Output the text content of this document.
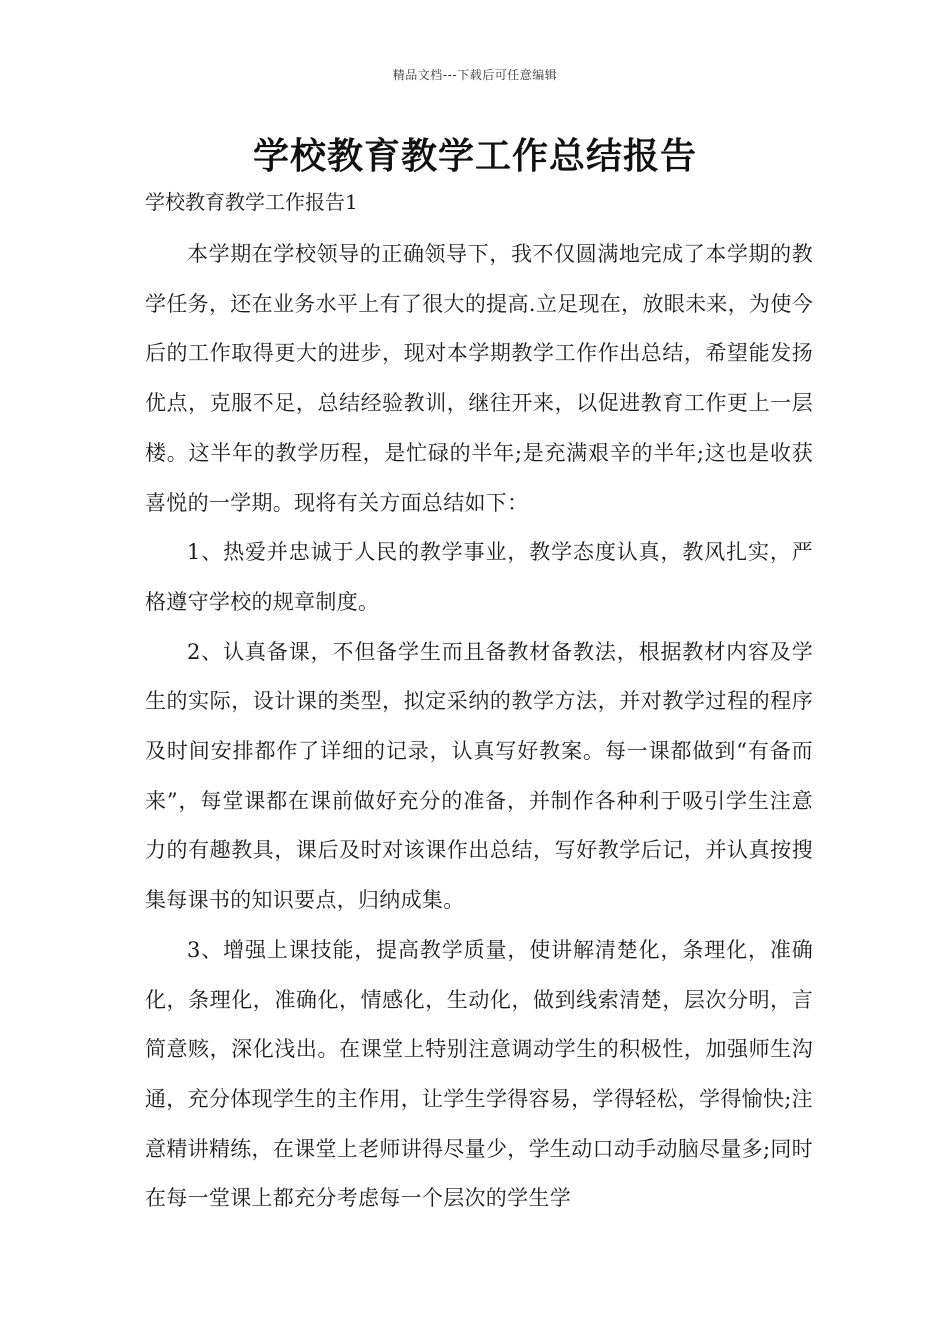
精品文档---下载后可任意编辑
学校教育教学工作总结报告

学校教育教学工作报告1

本学期在学校领导的正确领导下，我不仅圆满地完成了本学期的教学任务，还在业务水平上有了很大的提高.立足现在，放眼未来，为使今后的工作取得更大的进步，现对本学期教学工作作出总结，希望能发扬优点，克服不足，总结经验教训，继往开来，以促进教育工作更上一层楼。这半年的教学历程，是忙碌的半年;是充满艰辛的半年;这也是收获喜悦的一学期。现将有关方面总结如下：

1、热爱并忠诚于人民的教学事业，教学态度认真，教风扎实，严格遵守学校的规章制度。

2、认真备课，不但备学生而且备教材备教法，根据教材内容及学生的实际，设计课的类型，拟定采纳的教学方法，并对教学过程的程序及时间安排都作了详细的记录，认真写好教案。每一课都做到“有备而来”，每堂课都在课前做好充分的准备，并制作各种利于吸引学生注意力的有趣教具，课后及时对该课作出总结，写好教学后记，并认真按搜集每课书的知识要点，归纳成集。

3、增强上课技能，提高教学质量，使讲解清楚化，条理化，准确化，条理化，准确化，情感化，生动化，做到线索清楚，层次分明，言简意赅，深化浅出。在课堂上特别注意调动学生的积极性，加强师生沟通，充分体现学生的主作用，让学生学得容易，学得轻松，学得愉快;注意精讲精练，在课堂上老师讲得尽量少，学生动口动手动脑尽量多;同时在每一堂课上都充分考虑每一个层次的学生学
